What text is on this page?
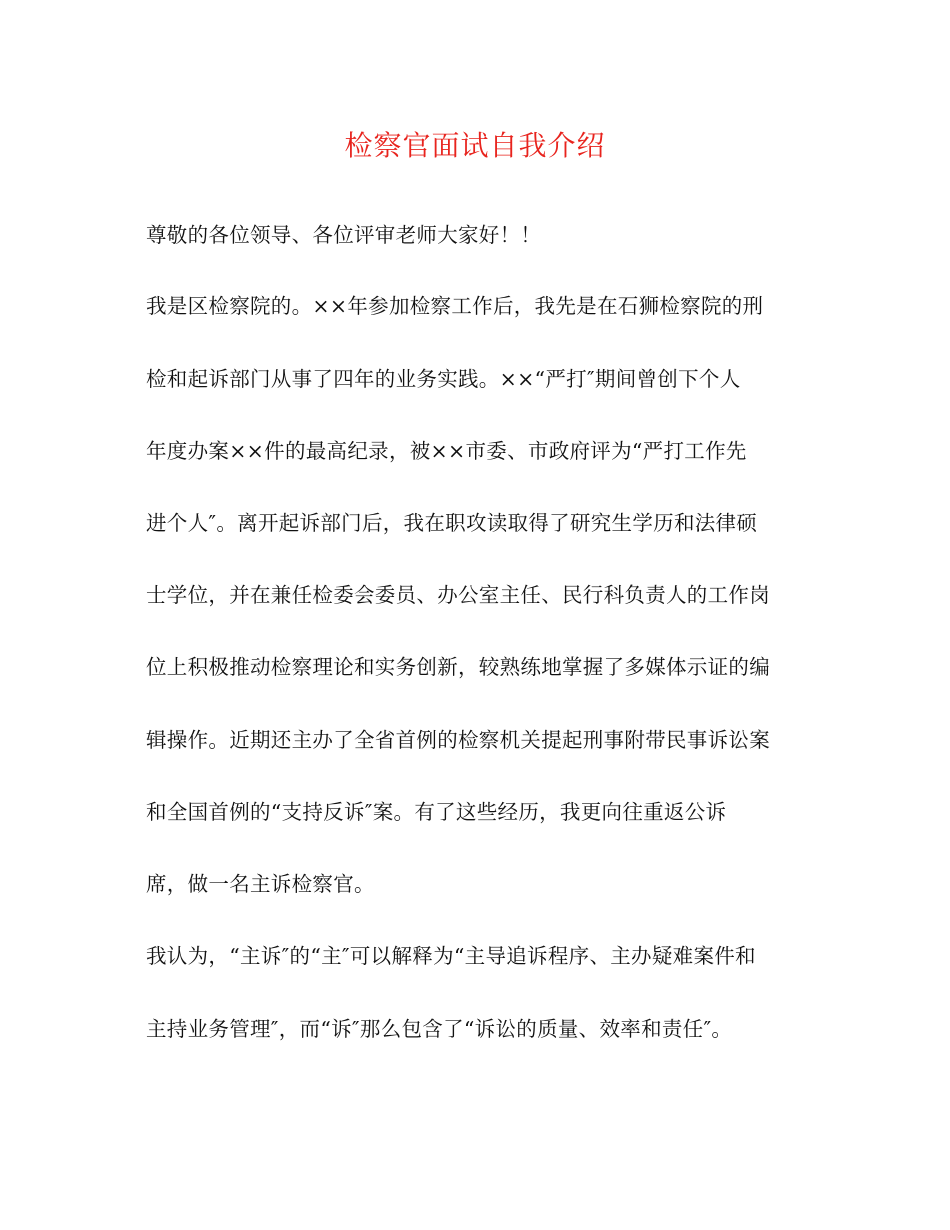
检察官面试自我介绍
尊敬的各位领导、各位评审老师大家好！！
我是区检察院的。××年参加检察工作后，我先是在石狮检察院的刑
检和起诉部门从事了四年的业务实践。××“严打″期间曾创下个人
年度办案××件的最高纪录，被××市委、市政府评为“严打工作先
进个人″。离开起诉部门后，我在职攻读取得了研究生学历和法律硕
士学位，并在兼任检委会委员、办公室主任、民行科负责人的工作岗
位上积极推动检察理论和实务创新，较熟练地掌握了多媒体示证的编
辑操作。近期还主办了全省首例的检察机关提起刑事附带民事诉讼案
和全国首例的“支持反诉″案。有了这些经历，我更向往重返公诉
席，做一名主诉检察官。
我认为，“主诉″的“主″可以解释为“主导追诉程序、主办疑难案件和
主持业务管理″，而“诉″那么包含了“诉讼的质量、效率和责任″。
